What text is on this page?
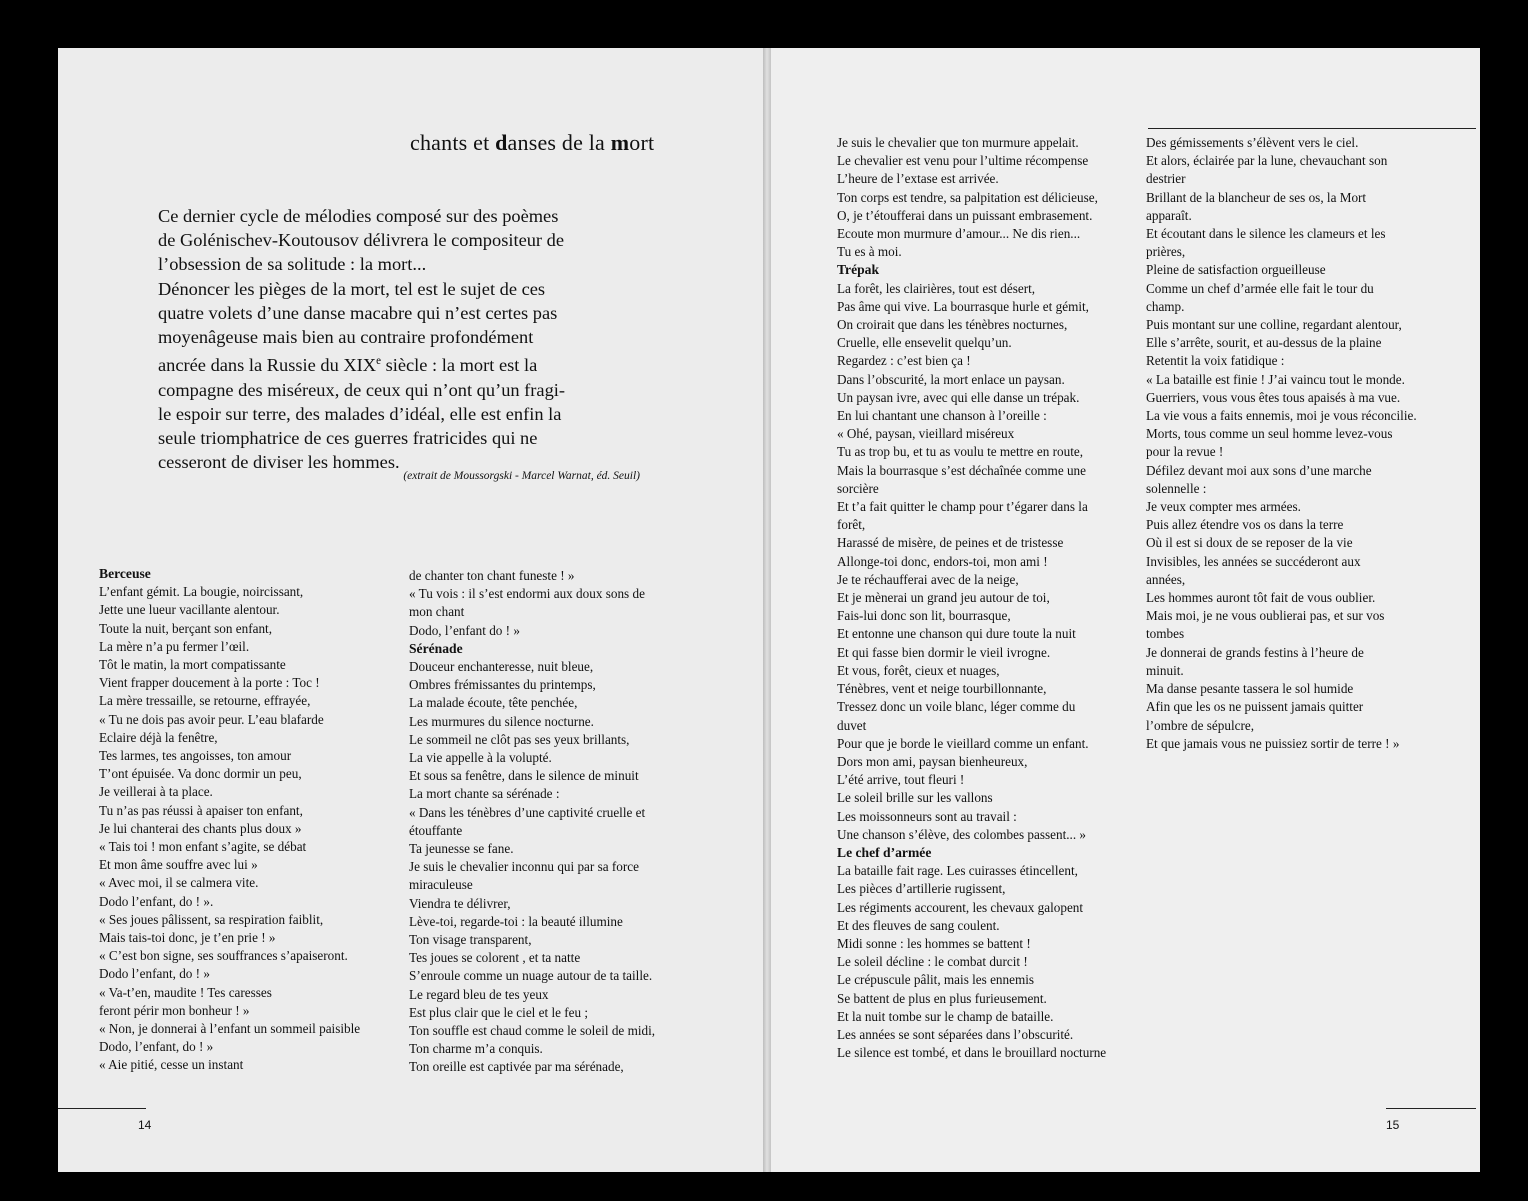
chants et danses de la mort

Ce dernier cycle de mélodies composé sur des poèmes

de Golénischev-Koutousov délivrera le compositeur de

l’obsession de sa solitude : la mort...

Dénoncer les pièges de la mort, tel est le sujet de ces

quatre volets d’une danse macabre qui n’est certes pas

moyenâgeuse mais bien au contraire profondément

ancrée dans la Russie du XIXe siècle : la mort est la

compagne des miséreux, de ceux qui n’ont qu’un fragi-

le espoir sur terre, des malades d’idéal, elle est enfin la

seule triomphatrice de ces guerres fratricides qui ne

cesseront de diviser les hommes.

(extrait de Moussorgski - Marcel Warnat, éd. Seuil)
Berceuse
L’enfant gémit. La bougie, noircissant,
Jette une lueur vacillante alentour.
Toute la nuit, berçant son enfant,
La mère n’a pu fermer l’œil.
Tôt le matin, la mort compatissante
Vient frapper doucement à la porte : Toc !
La mère tressaille, se retourne, effrayée,
« Tu ne dois pas avoir peur. L’eau blafarde
Eclaire déjà la fenêtre,
Tes larmes, tes angoisses, ton amour
T’ont épuisée. Va donc dormir un peu,
Je veillerai à ta place.
Tu n’as pas réussi à apaiser ton enfant,
Je lui chanterai des chants plus doux »
« Tais toi ! mon enfant s’agite, se débat
Et mon âme souffre avec lui »
« Avec moi, il se calmera vite.
Dodo l’enfant, do ! ».
« Ses joues pâlissent, sa respiration faiblit,
Mais tais-toi donc, je t’en prie ! »
« C’est bon signe, ses souffrances s’apaiseront.
Dodo l’enfant, do ! »
« Va-t’en, maudite ! Tes caresses
feront périr mon bonheur ! »
« Non, je donnerai à l’enfant un sommeil paisible
Dodo, l’enfant, do ! »
« Aie pitié, cesse un instant
de chanter ton chant funeste ! »
« Tu vois : il s’est endormi aux doux sons de
mon chant
Dodo, l’enfant do ! »
Sérénade
Douceur enchanteresse, nuit bleue,
Ombres frémissantes du printemps,
La malade écoute, tête penchée,
Les murmures du silence nocturne.
Le sommeil ne clôt pas ses yeux brillants,
La vie appelle à la volupté.
Et sous sa fenêtre, dans le silence de minuit
La mort chante sa sérénade :
« Dans les ténèbres d’une captivité cruelle et
étouffante
Ta jeunesse se fane.
Je suis le chevalier inconnu qui par sa force
miraculeuse
Viendra te délivrer,
Lève-toi, regarde-toi : la beauté illumine
Ton visage transparent,
Tes joues se colorent , et ta natte
S’enroule comme un nuage autour de ta taille.
Le regard bleu de tes yeux
Est plus clair que le ciel et le feu ;
Ton souffle est chaud comme le soleil de midi,
Ton charme m’a conquis.
Ton oreille est captivée par ma sérénade,
Je suis le chevalier que ton murmure appelait.
Le chevalier est venu pour l’ultime récompense
L’heure de l’extase est arrivée.
Ton corps est tendre, sa palpitation est délicieuse,
O, je t’étoufferai dans un puissant embrasement.
Ecoute mon murmure d’amour... Ne dis rien...
Tu es à moi.
Trépak
La forêt, les clairières, tout est désert,
Pas âme qui vive. La bourrasque hurle et gémit,
On croirait que dans les ténèbres nocturnes,
Cruelle, elle ensevelit quelqu’un.
Regardez : c’est bien ça !
Dans l’obscurité, la mort enlace un paysan.
Un paysan ivre, avec qui elle danse un trépak.
En lui chantant une chanson à l’oreille :
« Ohé, paysan, vieillard miséreux
Tu as trop bu, et tu as voulu te mettre en route,
Mais la bourrasque s’est déchaînée comme une
sorcière
Et t’a fait quitter le champ pour t’égarer dans la
forêt,
Harassé de misère, de peines et de tristesse
Allonge-toi donc, endors-toi, mon ami !
Je te réchaufferai avec de la neige,
Et je mènerai un grand jeu autour de toi,
Fais-lui donc son lit, bourrasque,
Et entonne une chanson qui dure toute la nuit
Et qui fasse bien dormir le vieil ivrogne.
Et vous, forêt, cieux et nuages,
Ténèbres, vent et neige tourbillonnante,
Tressez donc un voile blanc, léger comme du
duvet
Pour que je borde le vieillard comme un enfant.
Dors mon ami, paysan bienheureux,
L’été arrive, tout fleuri !
Le soleil brille sur les vallons
Les moissonneurs sont au travail :
Une chanson s’élève, des colombes passent... »
Le chef d’armée
La bataille fait rage. Les cuirasses étincellent,
Les pièces d’artillerie rugissent,
Les régiments accourent, les chevaux galopent
Et des fleuves de sang coulent.
Midi sonne : les hommes se battent !
Le soleil décline : le combat durcit !
Le crépuscule pâlit, mais les ennemis
Se battent de plus en plus furieusement.
Et la nuit tombe sur le champ de bataille.
Les années se sont séparées dans l’obscurité.
Le silence est tombé, et dans le brouillard nocturne
Des gémissements s’élèvent vers le ciel.
Et alors, éclairée par la lune, chevauchant son
destrier
Brillant de la blancheur de ses os, la Mort
apparaît.
Et écoutant dans le silence les clameurs et les
prières,
Pleine de satisfaction orgueilleuse
Comme un chef d’armée elle fait le tour du
champ.
Puis montant sur une colline, regardant alentour,
Elle s’arrête, sourit, et au-dessus de la plaine
Retentit la voix fatidique :
« La bataille est finie ! J’ai vaincu tout le monde.
Guerriers, vous vous êtes tous apaisés à ma vue.
La vie vous a faits ennemis, moi je vous réconcilie.
Morts, tous comme un seul homme levez-vous
pour la revue !
Défilez devant moi aux sons d’une marche
solennelle :
Je veux compter mes armées.
Puis allez étendre vos os dans la terre
Où il est si doux de se reposer de la vie
Invisibles, les années se succéderont aux
années,
Les hommes auront tôt fait de vous oublier.
Mais moi, je ne vous oublierai pas, et sur vos
tombes
Je donnerai de grands festins à l’heure de
minuit.
Ma danse pesante tassera le sol humide
Afin que les os ne puissent jamais quitter
l’ombre de sépulcre,
Et que jamais vous ne puissiez sortir de terre ! »
14	15
